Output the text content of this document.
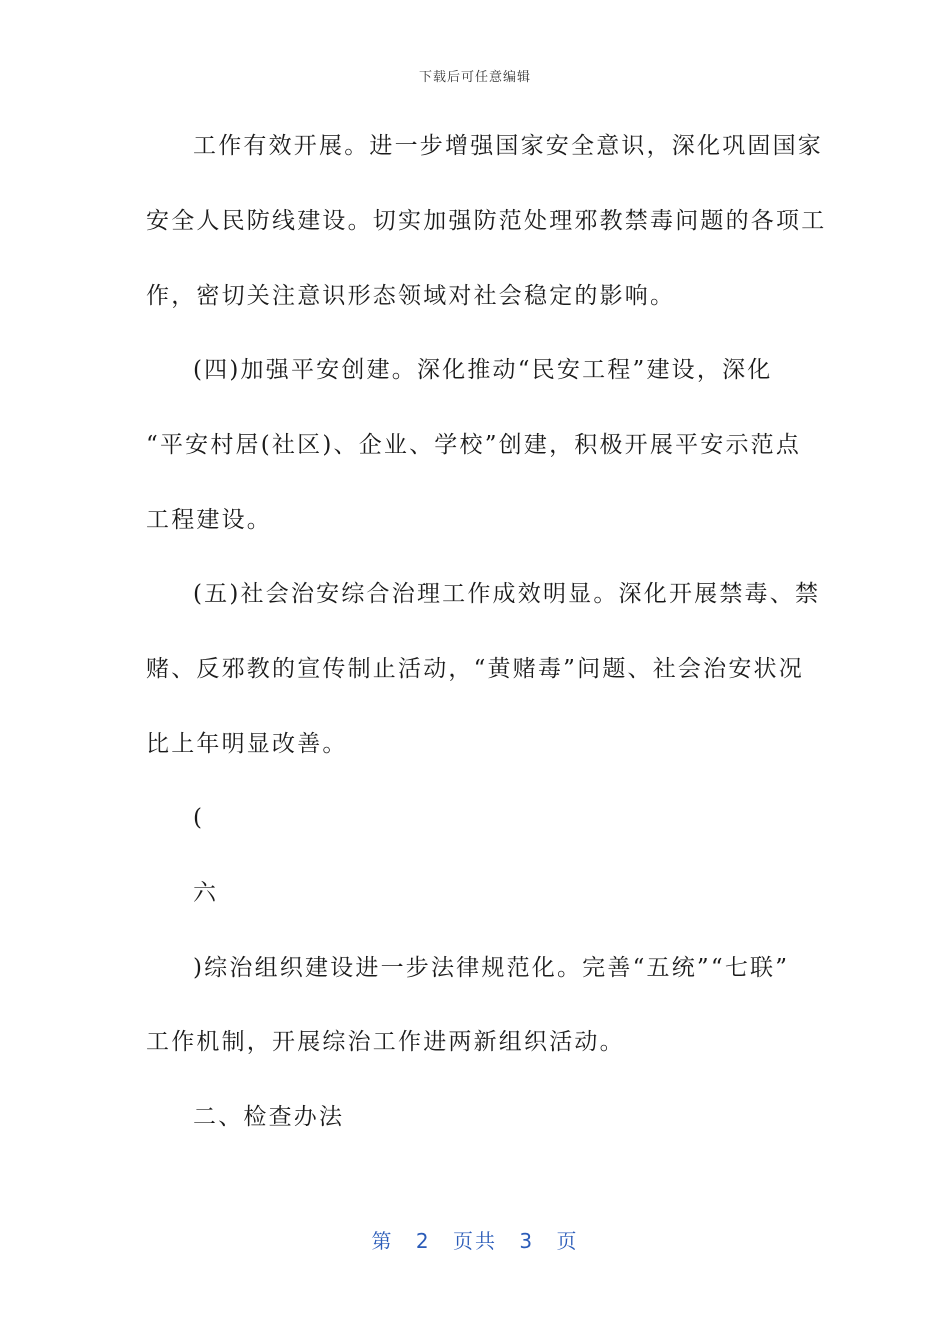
下载后可任意编辑
工作有效开展。进一步增强国家安全意识，深化巩固国家
安全人民防线建设。切实加强防范处理邪教禁毒问题的各项工
作，密切关注意识形态领域对社会稳定的影响。
(四)加强平安创建。深化推动“民安工程”建设，深化
“平安村居(社区)、企业、学校”创建，积极开展平安示范点
工程建设。
(五)社会治安综合治理工作成效明显。深化开展禁毒、禁
赌、反邪教的宣传制止活动，“黄赌毒”问题、社会治安状况
比上年明显改善。
(
六
)综治组织建设进一步法律规范化。完善“五统”“七联”
工作机制，开展综治工作进两新组织活动。
二、检查办法
第 2 页共 3 页
